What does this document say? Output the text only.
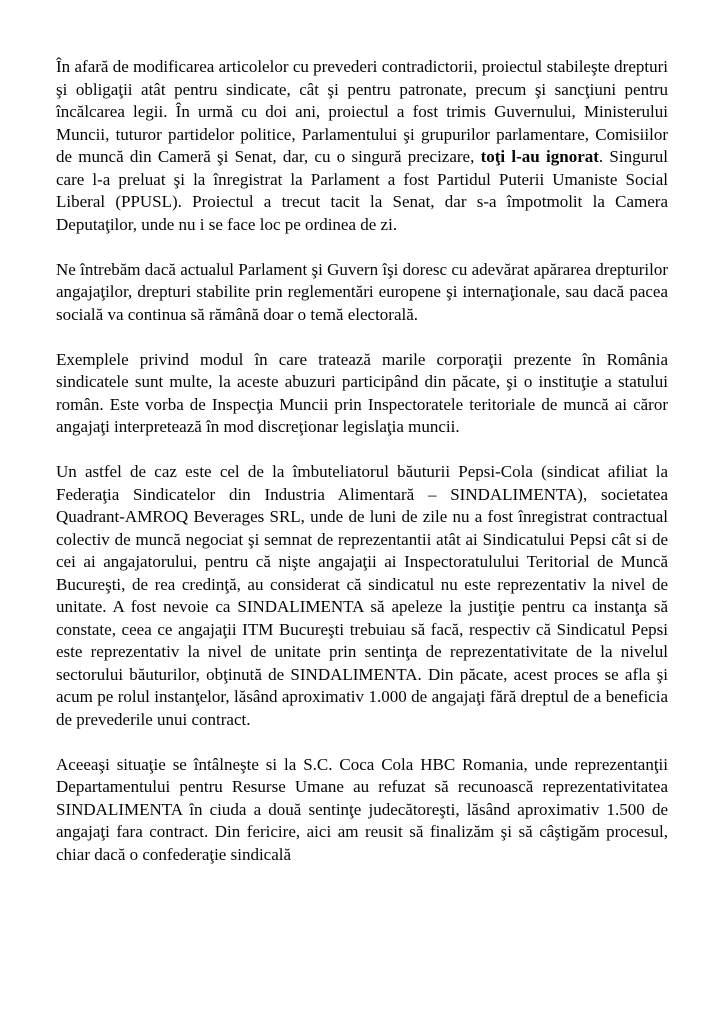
În afară de modificarea articolelor cu prevederi contradictorii, proiectul stabileşte drepturi şi obligaţii atât pentru sindicate, cât şi pentru patronate, precum şi sancţiuni pentru încălcarea legii. În urmă cu doi ani, proiectul a fost trimis Guvernului, Ministerului Muncii, tuturor partidelor politice, Parlamentului şi grupurilor parlamentare, Comisiilor de muncă din Cameră şi Senat, dar, cu o singură precizare, toţi l-au ignorat. Singurul care l-a preluat şi la înregistrat la Parlament a fost Partidul Puterii Umaniste Social Liberal (PPUSL). Proiectul a trecut tacit la Senat, dar s-a împotmolit la Camera Deputaţilor, unde nu i se face loc pe ordinea de zi.

Ne întrebăm dacă actualul Parlament şi Guvern îşi doresc cu adevărat apărarea drepturilor angajaţilor, drepturi stabilite prin reglementări europene şi internaţionale, sau dacă pacea socială va continua să rămână doar o temă electorală.

Exemplele privind modul în care tratează marile corporaţii prezente în România sindicatele sunt multe, la aceste abuzuri participând din păcate, şi o instituţie a statului român. Este vorba de Inspecţia Muncii prin Inspectoratele teritoriale de muncă ai căror angajaţi interpretează în mod discreţionar legislaţia muncii.

Un astfel de caz este cel de la îmbuteliatorul băuturii Pepsi-Cola (sindicat afiliat la Federaţia Sindicatelor din Industria Alimentară – SINDALIMENTA), societatea Quadrant-AMROQ Beverages SRL, unde de luni de zile nu a fost înregistrat contractual colectiv de muncă negociat şi semnat de reprezentantii atât ai Sindicatului Pepsi cât si de cei ai angajatorului, pentru că nişte angajaţii ai Inspectoratulului Teritorial de Muncă Bucureşti, de rea credinţă, au considerat că sindicatul nu este reprezentativ la nivel de unitate. A fost nevoie ca SINDALIMENTA să apeleze la justiţie pentru ca instanţa să constate, ceea ce angajaţii ITM Bucureşti trebuiau să facă, respectiv că Sindicatul Pepsi este reprezentativ la nivel de unitate prin sentinţa de reprezentativitate de la nivelul sectorului băuturilor, obţinută de SINDALIMENTA. Din păcate, acest proces se afla şi acum pe rolul instanţelor, lăsând aproximativ 1.000 de angajaţi fără dreptul de a beneficia de prevederile unui contract.

Aceeaşi situaţie se întâlneşte si la S.C. Coca Cola HBC Romania, unde reprezentanţii Departamentului pentru Resurse Umane au refuzat să recunoască reprezentativitatea SINDALIMENTA în ciuda a două sentinţe judecătoreşti, lăsând aproximativ 1.500 de angajaţi fara contract. Din fericire, aici am reusit să finalizăm şi să câştigăm procesul, chiar dacă o confederaţie sindicală
